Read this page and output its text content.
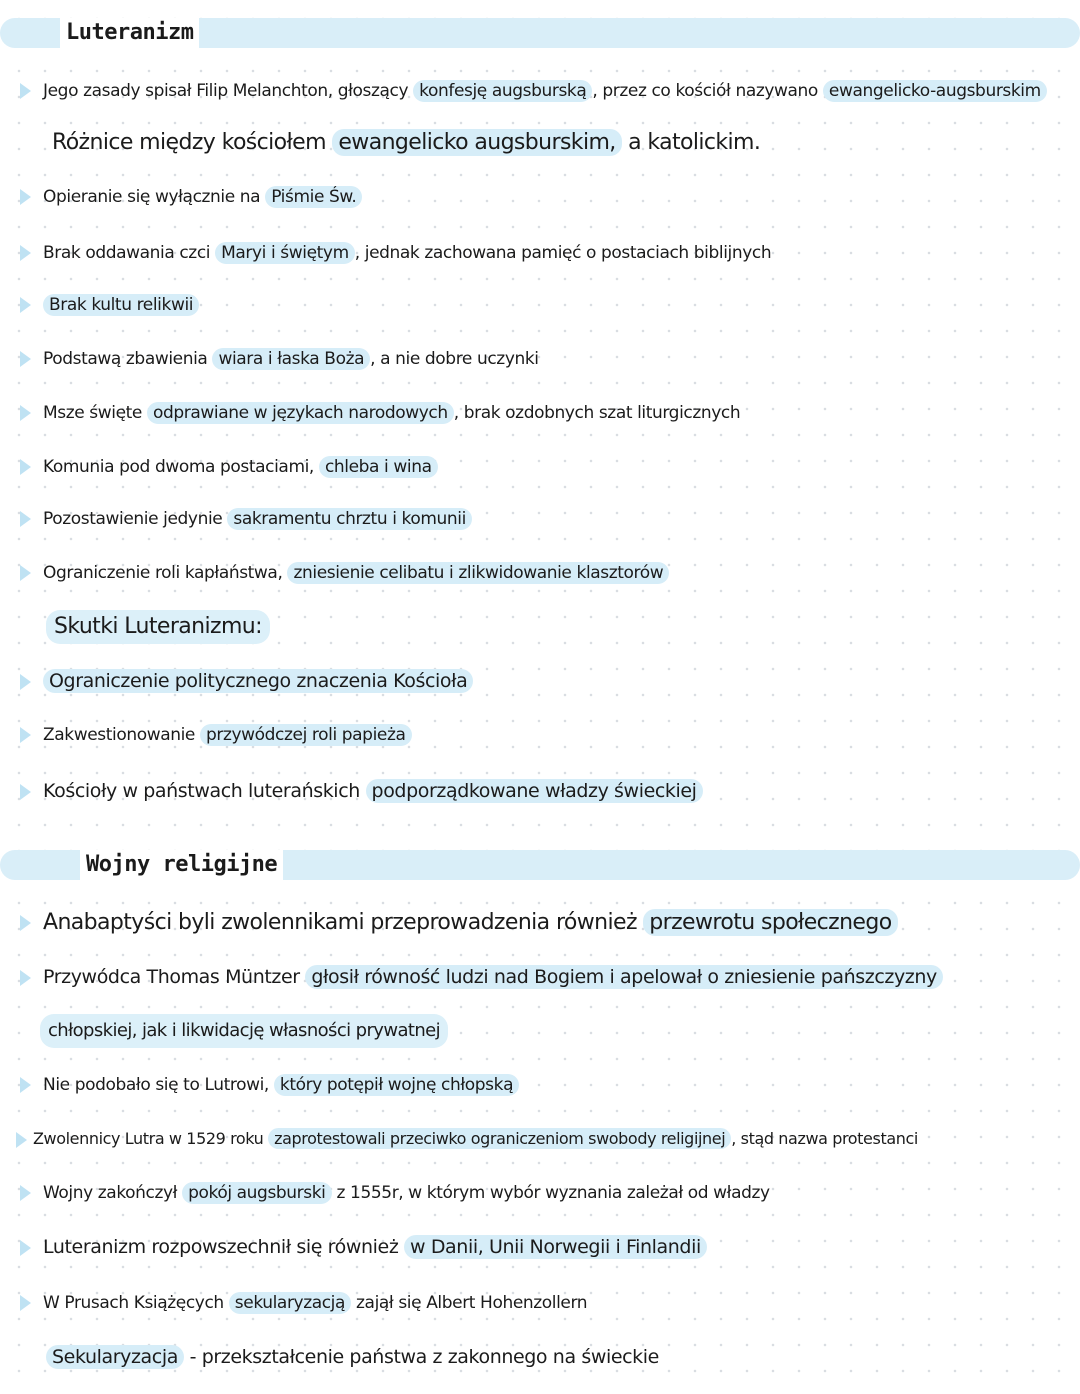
Luteranizm
Jego zasady spisał Filip Melanchton, głoszący konfesję augsburską , przez co kościół nazywano ewangelicko-augsburskim
Różnice między kościołem ewangelicko augsburskim, a katolickim.
Opieranie się wyłącznie na Piśmie Św.
Brak oddawania czci Maryi i świętym , jednak zachowana pamięć o postaciach biblijnych
Brak kultu relikwii
Podstawą zbawienia wiara i łaska Boża , a nie dobre uczynki
Msze święte odprawiane w językach narodowych , brak ozdobnych szat liturgicznych
Komunia pod dwoma postaciami, chleba i wina
Pozostawienie jedynie sakramentu chrztu i komunii
Ograniczenie roli kapłaństwa, zniesienie celibatu i zlikwidowanie klasztorów
Skutki Luteranizmu:
Ograniczenie politycznego znaczenia Kościoła
Zakwestionowanie przywódczej roli papieża
Kościoły w państwach luterańskich podporządkowane władzy świeckiej
Wojny religijne
Anabaptyści byli zwolennikami przeprowadzenia również przewrotu społecznego
Przywódca Thomas Müntzer głosił równość ludzi nad Bogiem i apelował o zniesienie pańszczyzny
chłopskiej, jak i likwidację własności prywatnej
Nie podobało się to Lutrowi, który potępił wojnę chłopską
Zwolennicy Lutra w 1529 roku zaprotestowali przeciwko ograniczeniom swobody religijnej , stąd nazwa protestanci
Wojny zakończył pokój augsburski z 1555r, w którym wybór wyznania zależał od władzy
Luteranizm rozpowszechnił się również w Danii, Unii Norwegii i Finlandii
W Prusach Książęcych sekularyzacją zajął się Albert Hohenzollern
Sekularyzacja - przekształcenie państwa z zakonnego na świeckie
